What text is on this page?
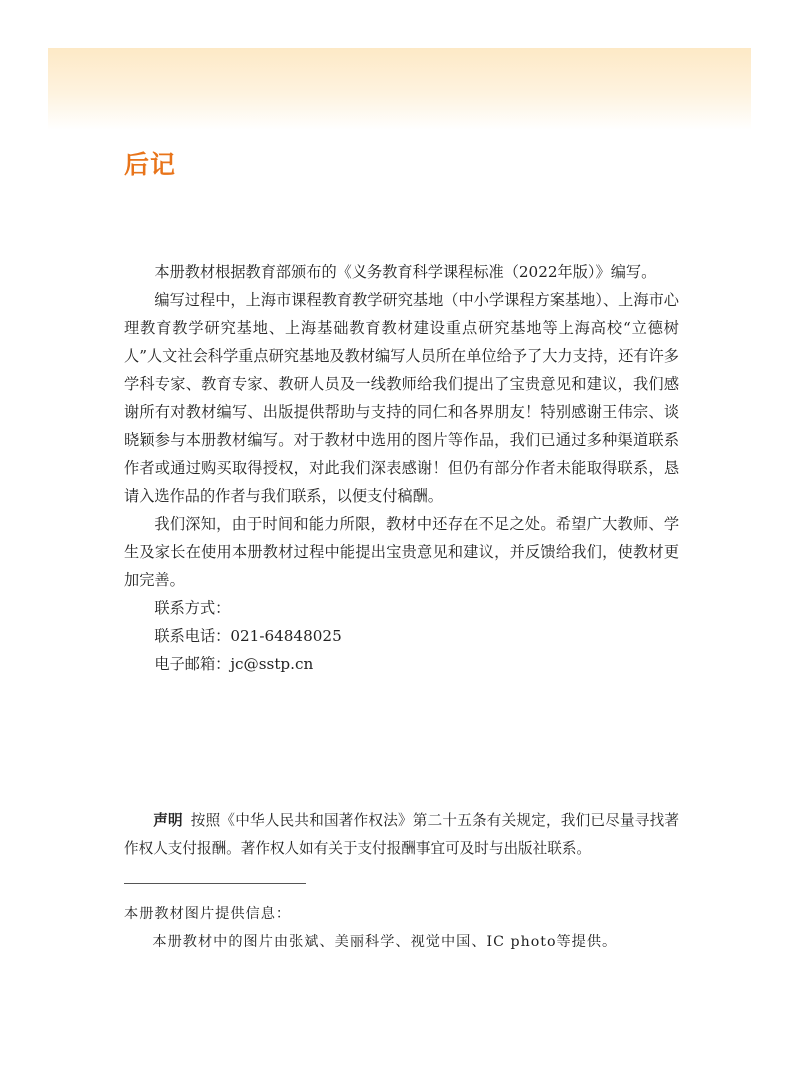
后记

本册教材根据教育部颁布的《义务教育科学课程标准（2022年版）》编写。

编写过程中，上海市课程教育教学研究基地（中小学课程方案基地）、上海市心理教育教学研究基地、上海基础教育教材建设重点研究基地等上海高校“立德树人”人文社会科学重点研究基地及教材编写人员所在单位给予了大力支持，还有许多学科专家、教育专家、教研人员及一线教师给我们提出了宝贵意见和建议，我们感谢所有对教材编写、出版提供帮助与支持的同仁和各界朋友！特别感谢王伟宗、谈晓颖参与本册教材编写。对于教材中选用的图片等作品，我们已通过多种渠道联系作者或通过购买取得授权，对此我们深表感谢！但仍有部分作者未能取得联系，恳请入选作品的作者与我们联系，以便支付稿酬。

我们深知，由于时间和能力所限，教材中还存在不足之处。希望广大教师、学生及家长在使用本册教材过程中能提出宝贵意见和建议，并反馈给我们，使教材更加完善。

联系方式：

联系电话：021-64848025

电子邮箱：jc@sstp.cn

声明 按照《中华人民共和国著作权法》第二十五条有关规定，我们已尽量寻找著作权人支付报酬。著作权人如有关于支付报酬事宜可及时与出版社联系。

本册教材图片提供信息：

本册教材中的图片由张斌、美丽科学、视觉中国、IC photo等提供。
